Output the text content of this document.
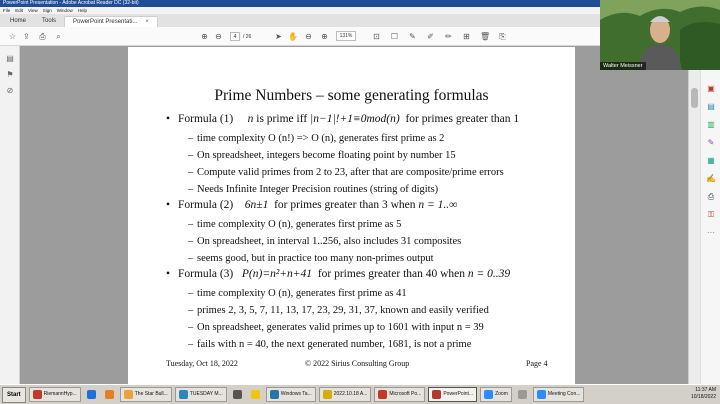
PowerPoint Presentation - Adobe Acrobat Reader DC (32-bit)
File Edit View Sign Window Help
Home	Tools	PowerPoint Presentati... ×
☆ ⇪ ⎙ ⌕	⊕ ⊖	4	/ 26	➤ ✋ ⊖ ⊕	131%	⊡ ☐ ✎ ✐ ✏ ⊞ 🗑 ⎘
▤
⚑
⊘	Prime Numbers – some generating formulas
• Formula (1) n is prime iff |n−1|!+1≡0mod(n) for primes greater than 1
– time complexity O (n!) => O (n), generates first prime as 2
– On spreadsheet, integers become floating point by number 15
– Compute valid primes from 2 to 23, after that are composite/prime errors
– Needs Infinite Integer Precision routines (string of digits)
• Formula (2) 6n±1 for primes greater than 3 when n = 1..∞
– time complexity O (n), generates first prime as 5
– On spreadsheet, in interval 1..256, also includes 31 composites
– seems good, but in practice too many non-primes output
• Formula (3) P(n)=n²+n+41 for primes greater than 40 when n = 0..39
– time complexity O (n), generates first prime as 41
– primes 2, 3, 5, 7, 11, 13, 17, 23, 29, 31, 37, known and easily verified
– On spreadsheet, generates valid primes up to 1601 with input n = 39
– fails with n = 40, the next generated number, 1681, is not a prime
Tuesday, Oct 18, 2022	© 2022 Sirius Consulting Group	Page 4
▣
▤
▥
✎
▦
✍
⎙
⚿
⋯
Walter Meissner
Start	RiemannHyp...	The Star Bull...	TUESDAY M...	Windows Ta...	2022.10.18 A...	Microsoft Po...	PowerPoint...	Zoom	Meeting Con...
11:37 AM
10/18/2022
